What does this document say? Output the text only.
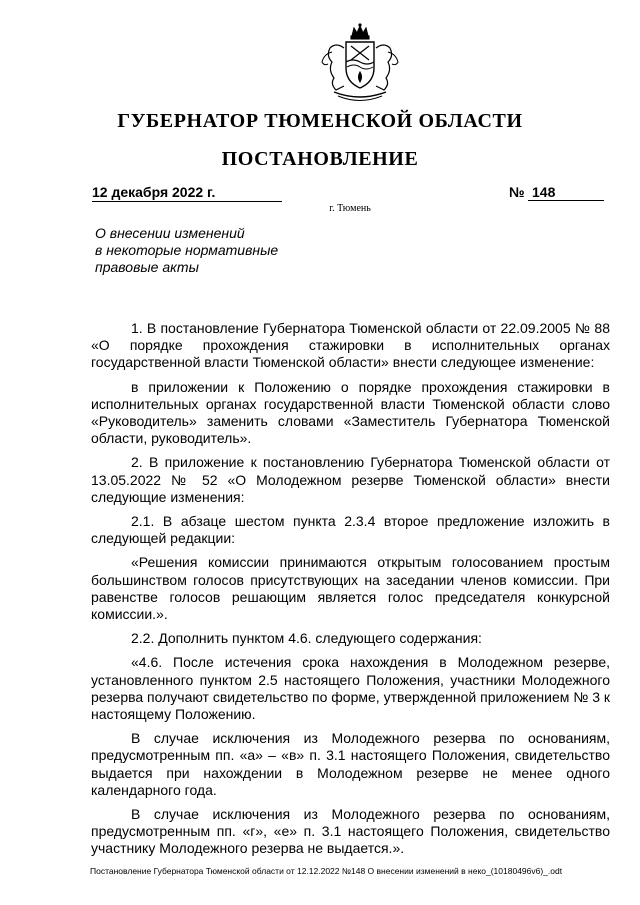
ГУБЕРНАТОР ТЮМЕНСКОЙ ОБЛАСТИ
ПОСТАНОВЛЕНИЕ
12 декабря 2022 г.	№ 148
г. Тюмень
О внесении изменений
в некоторые нормативные
правовые акты

1. В постановление Губернатора Тюменской области от 22.09.2005 № 88 «О порядке прохождения стажировки в исполнительных органах государственной власти Тюменской области» внести следующее изменение:

в приложении к Положению о порядке прохождения стажировки в исполнительных органах государственной власти Тюменской области слово «Руководитель» заменить словами «Заместитель Губернатора Тюменской области, руководитель».

2. В приложение к постановлению Губернатора Тюменской области от 13.05.2022 № 52 «О Молодежном резерве Тюменской области» внести следующие изменения:

2.1. В абзаце шестом пункта 2.3.4 второе предложение изложить в следующей редакции:

«Решения комиссии принимаются открытым голосованием простым большинством голосов присутствующих на заседании членов комиссии. При равенстве голосов решающим является голос председателя конкурсной комиссии.».

2.2. Дополнить пунктом 4.6. следующего содержания:

«4.6. После истечения срока нахождения в Молодежном резерве, установленного пунктом 2.5 настоящего Положения, участники Молодежного резерва получают свидетельство по форме, утвержденной приложением № 3 к настоящему Положению.

В случае исключения из Молодежного резерва по основаниям, предусмотренным пп. «а» – «в» п. 3.1 настоящего Положения, свидетельство выдается при нахождении в Молодежном резерве не менее одного календарного года.

В случае исключения из Молодежного резерва по основаниям, предусмотренным пп. «г», «е» п. 3.1 настоящего Положения, свидетельство участнику Молодежного резерва не выдается.».

Постановление Губернатора Тюменской области от 12.12.2022 №148 О внесении изменений в неко_(10180496v6)_.odt
